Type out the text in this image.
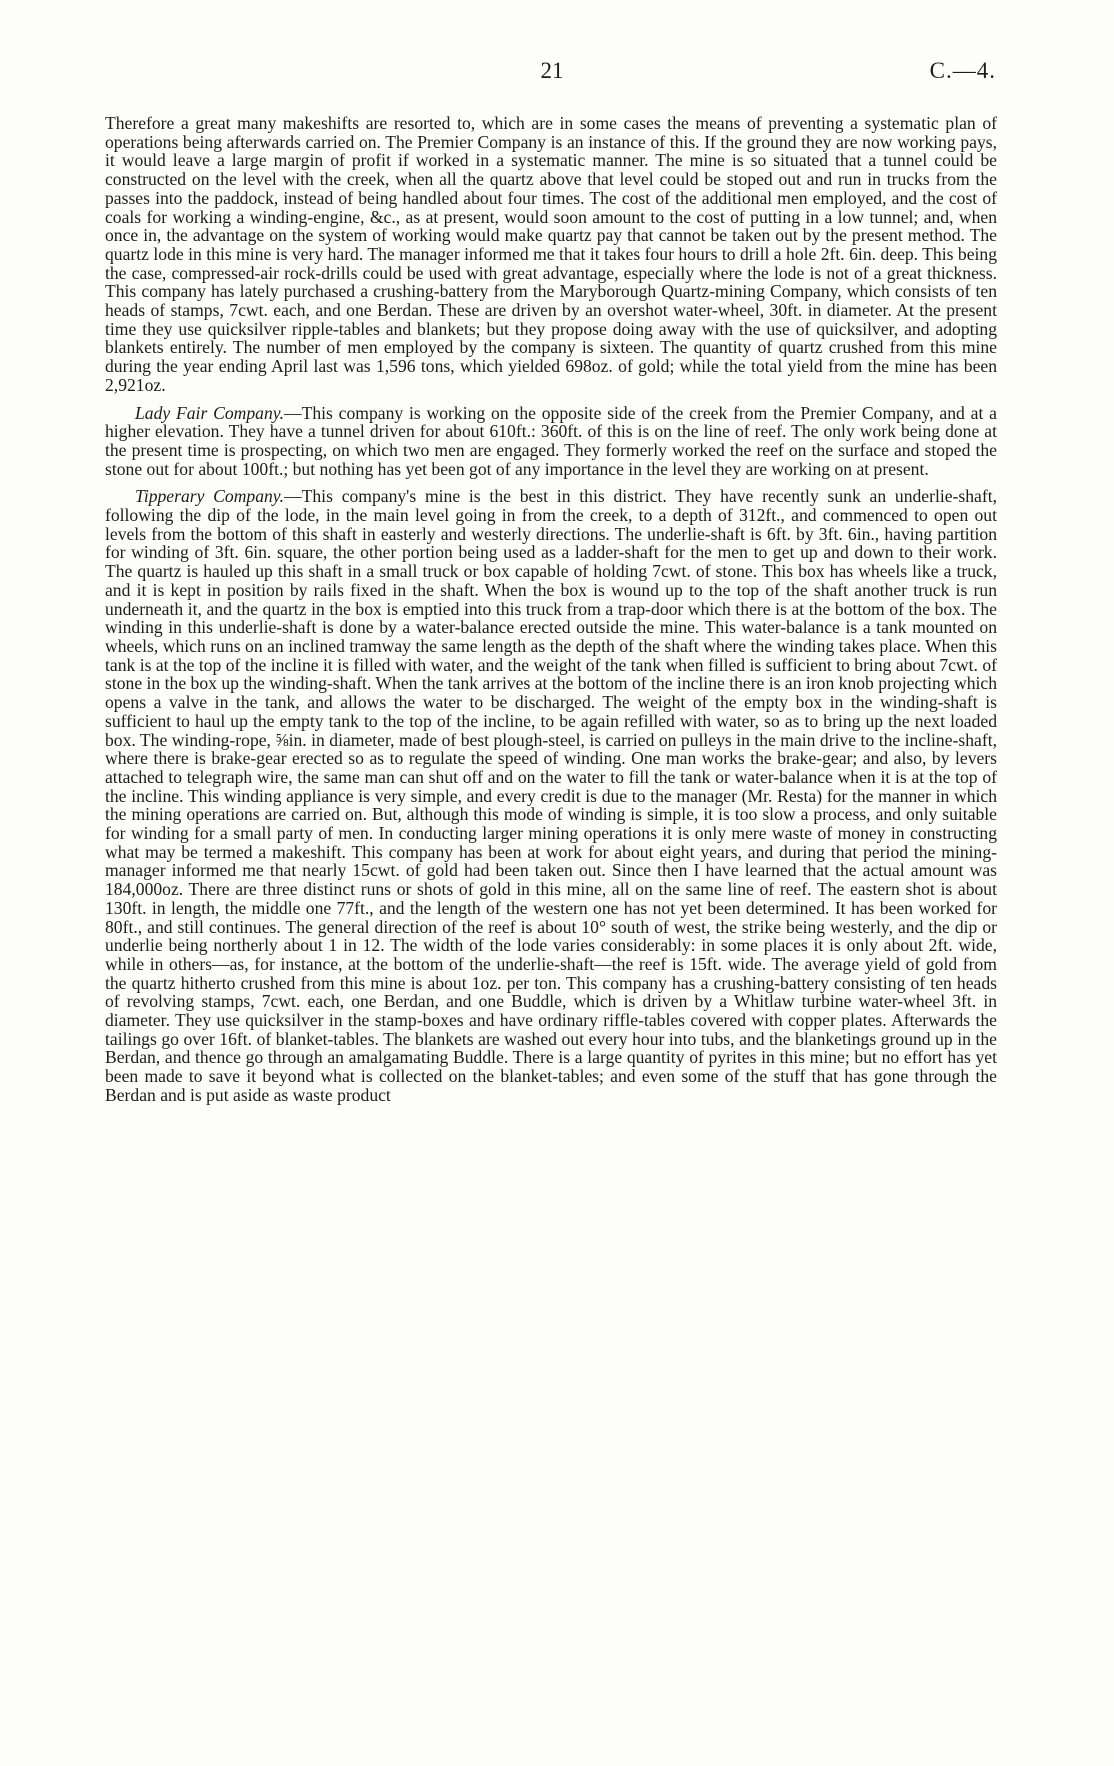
21	C.—4.

Therefore a great many makeshifts are resorted to, which are in some cases the means of preventing a systematic plan of operations being afterwards carried on. The Premier Company is an instance of this. If the ground they are now working pays, it would leave a large margin of profit if worked in a systematic manner. The mine is so situated that a tunnel could be constructed on the level with the creek, when all the quartz above that level could be stoped out and run in trucks from the passes into the paddock, instead of being handled about four times. The cost of the additional men employed, and the cost of coals for working a winding-engine, &c., as at present, would soon amount to the cost of putting in a low tunnel; and, when once in, the advantage on the system of working would make quartz pay that cannot be taken out by the present method. The quartz lode in this mine is very hard. The manager informed me that it takes four hours to drill a hole 2ft. 6in. deep. This being the case, compressed-air rock-drills could be used with great advantage, especially where the lode is not of a great thickness. This company has lately purchased a crushing-battery from the Maryborough Quartz-mining Company, which consists of ten heads of stamps, 7cwt. each, and one Berdan. These are driven by an overshot water-wheel, 30ft. in diameter. At the present time they use quicksilver ripple-tables and blankets; but they propose doing away with the use of quicksilver, and adopting blankets entirely. The number of men employed by the company is sixteen. The quantity of quartz crushed from this mine during the year ending April last was 1,596 tons, which yielded 698oz. of gold; while the total yield from the mine has been 2,921oz.

Lady Fair Company.—This company is working on the opposite side of the creek from the Premier Company, and at a higher elevation. They have a tunnel driven for about 610ft.: 360ft. of this is on the line of reef. The only work being done at the present time is prospecting, on which two men are engaged. They formerly worked the reef on the surface and stoped the stone out for about 100ft.; but nothing has yet been got of any importance in the level they are working on at present.

Tipperary Company.—This company's mine is the best in this district. They have recently sunk an underlie-shaft, following the dip of the lode, in the main level going in from the creek, to a depth of 312ft., and commenced to open out levels from the bottom of this shaft in easterly and westerly directions. The underlie-shaft is 6ft. by 3ft. 6in., having partition for winding of 3ft. 6in. square, the other portion being used as a ladder-shaft for the men to get up and down to their work. The quartz is hauled up this shaft in a small truck or box capable of holding 7cwt. of stone. This box has wheels like a truck, and it is kept in position by rails fixed in the shaft. When the box is wound up to the top of the shaft another truck is run underneath it, and the quartz in the box is emptied into this truck from a trap-door which there is at the bottom of the box. The winding in this underlie-shaft is done by a water-balance erected outside the mine. This water-balance is a tank mounted on wheels, which runs on an inclined tramway the same length as the depth of the shaft where the winding takes place. When this tank is at the top of the incline it is filled with water, and the weight of the tank when filled is sufficient to bring about 7cwt. of stone in the box up the winding-shaft. When the tank arrives at the bottom of the incline there is an iron knob projecting which opens a valve in the tank, and allows the water to be discharged. The weight of the empty box in the winding-shaft is sufficient to haul up the empty tank to the top of the incline, to be again refilled with water, so as to bring up the next loaded box. The winding-rope, ⅝in. in diameter, made of best plough-steel, is carried on pulleys in the main drive to the incline-shaft, where there is brake-gear erected so as to regulate the speed of winding. One man works the brake-gear; and also, by levers attached to telegraph wire, the same man can shut off and on the water to fill the tank or water-balance when it is at the top of the incline. This winding appliance is very simple, and every credit is due to the manager (Mr. Resta) for the manner in which the mining operations are carried on. But, although this mode of winding is simple, it is too slow a process, and only suitable for winding for a small party of men. In conducting larger mining operations it is only mere waste of money in constructing what may be termed a makeshift. This company has been at work for about eight years, and during that period the mining-manager informed me that nearly 15cwt. of gold had been taken out. Since then I have learned that the actual amount was 184,000oz. There are three distinct runs or shots of gold in this mine, all on the same line of reef. The eastern shot is about 130ft. in length, the middle one 77ft., and the length of the western one has not yet been determined. It has been worked for 80ft., and still continues. The general direction of the reef is about 10° south of west, the strike being westerly, and the dip or underlie being northerly about 1 in 12. The width of the lode varies considerably: in some places it is only about 2ft. wide, while in others—as, for instance, at the bottom of the underlie-shaft—the reef is 15ft. wide. The average yield of gold from the quartz hitherto crushed from this mine is about 1oz. per ton. This company has a crushing-battery consisting of ten heads of revolving stamps, 7cwt. each, one Berdan, and one Buddle, which is driven by a Whitlaw turbine water-wheel 3ft. in diameter. They use quicksilver in the stamp-boxes and have ordinary riffle-tables covered with copper plates. Afterwards the tailings go over 16ft. of blanket-tables. The blankets are washed out every hour into tubs, and the blanketings ground up in the Berdan, and thence go through an amalgamating Buddle. There is a large quantity of pyrites in this mine; but no effort has yet been made to save it beyond what is collected on the blanket-tables; and even some of the stuff that has gone through the Berdan and is put aside as waste product
